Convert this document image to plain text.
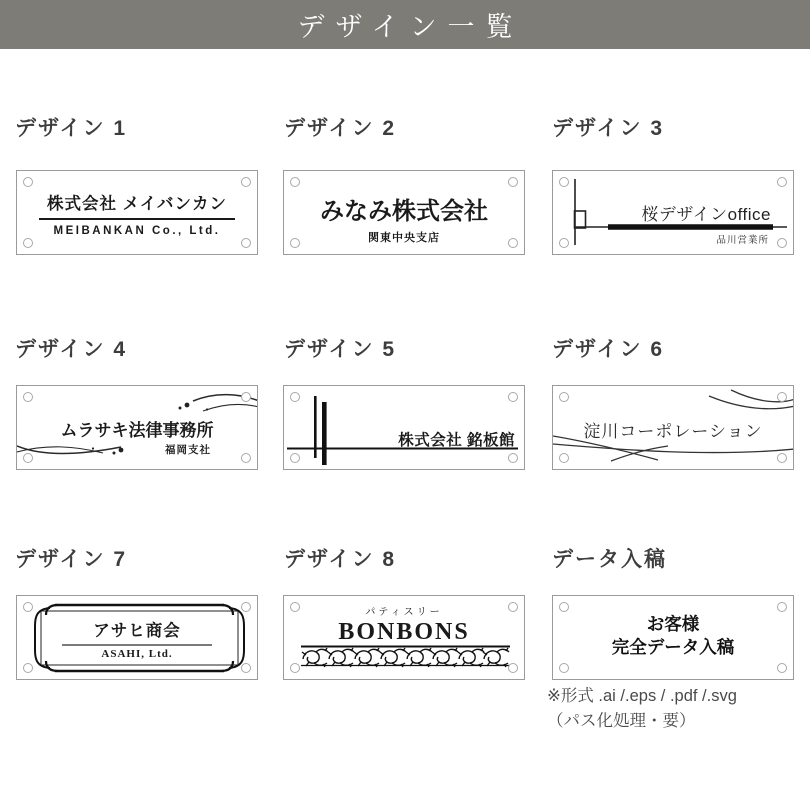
デザイン一覧
デザイン 1	デザイン 2	デザイン 3
デザイン 4	デザイン 5	デザイン 6
デザイン 7	デザイン 8	データ入稿
株式会社 メイバンカン
MEIBANKAN Co., Ltd.
みなみ株式会社
関東中央支店
桜デザインoffice
品川営業所
ムラサキ法律事務所
福岡支社
株式会社 銘板館	淀川コーポレーション
アサヒ商会
ASAHI, Ltd.
パティスリー
BONBONS	お客様
完全データ入稿
※形式 .ai /.eps / .pdf /.svg
（パス化処理・要）
